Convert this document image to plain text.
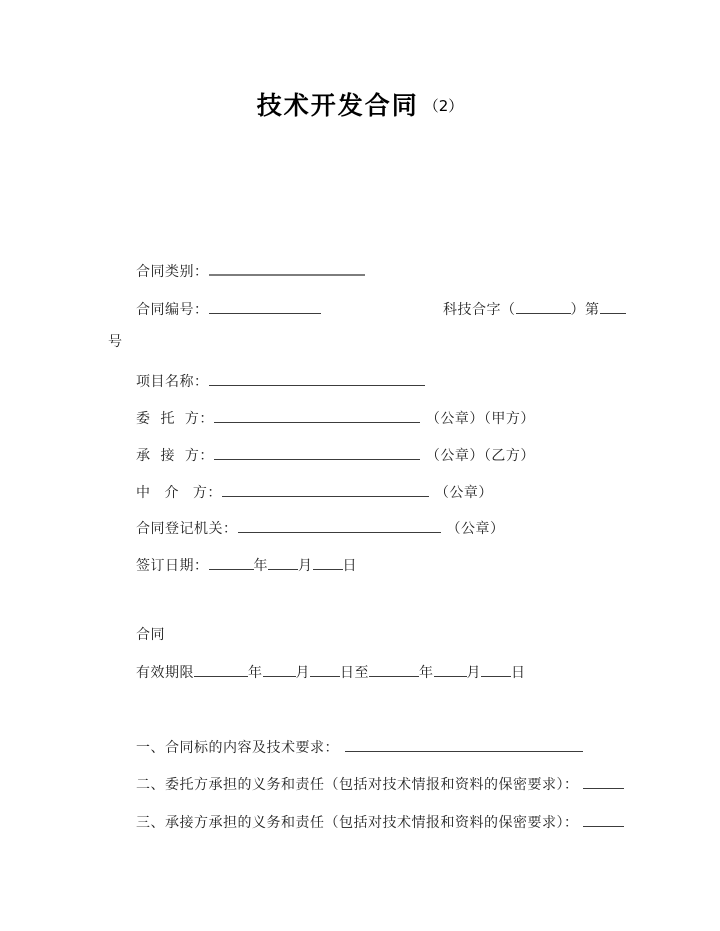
技术开发合同 （2）
合同类别：
合同编号：	科技合字（	）第
号
项目名称：
委 托 方：	（公章）（甲方）
承 接 方：	（公章）（乙方）
中 介 方：	（公章）
合同登记机关：	（公章）
签订日期：	年 月 日
合同
有效期限	年 月 日至	年 月 日
一、合同标的内容及技术要求：
二、委托方承担的义务和责任（包括对技术情报和资料的保密要求）：
三、承接方承担的义务和责任（包括对技术情报和资料的保密要求）：
